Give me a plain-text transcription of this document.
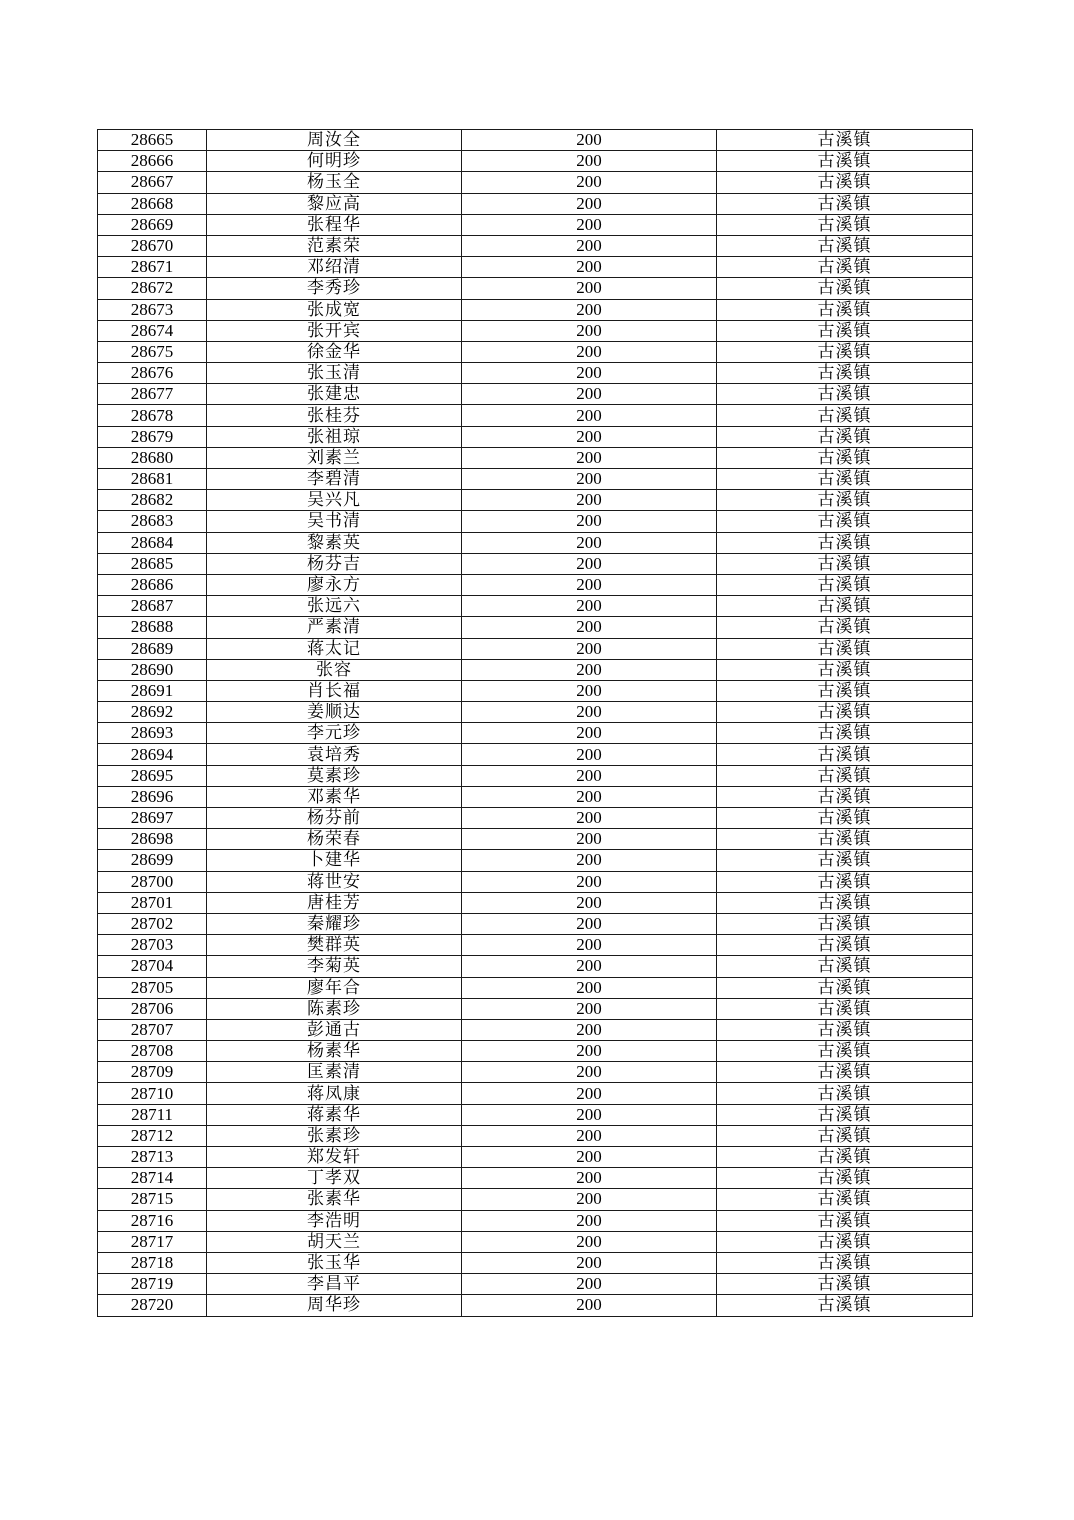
28665	周汝全	200	古溪镇
28666	何明珍	200	古溪镇
28667	杨玉全	200	古溪镇
28668	黎应高	200	古溪镇
28669	张程华	200	古溪镇
28670	范素荣	200	古溪镇
28671	邓绍清	200	古溪镇
28672	李秀珍	200	古溪镇
28673	张成宽	200	古溪镇
28674	张开宾	200	古溪镇
28675	徐金华	200	古溪镇
28676	张玉清	200	古溪镇
28677	张建忠	200	古溪镇
28678	张桂芬	200	古溪镇
28679	张祖琼	200	古溪镇
28680	刘素兰	200	古溪镇
28681	李碧清	200	古溪镇
28682	吴兴凡	200	古溪镇
28683	吴书清	200	古溪镇
28684	黎素英	200	古溪镇
28685	杨芬吉	200	古溪镇
28686	廖永方	200	古溪镇
28687	张远六	200	古溪镇
28688	严素清	200	古溪镇
28689	蒋太记	200	古溪镇
28690	张容	200	古溪镇
28691	肖长福	200	古溪镇
28692	姜顺达	200	古溪镇
28693	李元珍	200	古溪镇
28694	袁培秀	200	古溪镇
28695	莫素珍	200	古溪镇
28696	邓素华	200	古溪镇
28697	杨芬前	200	古溪镇
28698	杨荣春	200	古溪镇
28699	卜建华	200	古溪镇
28700	蒋世安	200	古溪镇
28701	唐桂芳	200	古溪镇
28702	秦耀珍	200	古溪镇
28703	樊群英	200	古溪镇
28704	李菊英	200	古溪镇
28705	廖年合	200	古溪镇
28706	陈素珍	200	古溪镇
28707	彭通古	200	古溪镇
28708	杨素华	200	古溪镇
28709	匡素清	200	古溪镇
28710	蒋凤康	200	古溪镇
28711	蒋素华	200	古溪镇
28712	张素珍	200	古溪镇
28713	郑发轩	200	古溪镇
28714	丁孝双	200	古溪镇
28715	张素华	200	古溪镇
28716	李浩明	200	古溪镇
28717	胡天兰	200	古溪镇
28718	张玉华	200	古溪镇
28719	李昌平	200	古溪镇
28720	周华珍	200	古溪镇
